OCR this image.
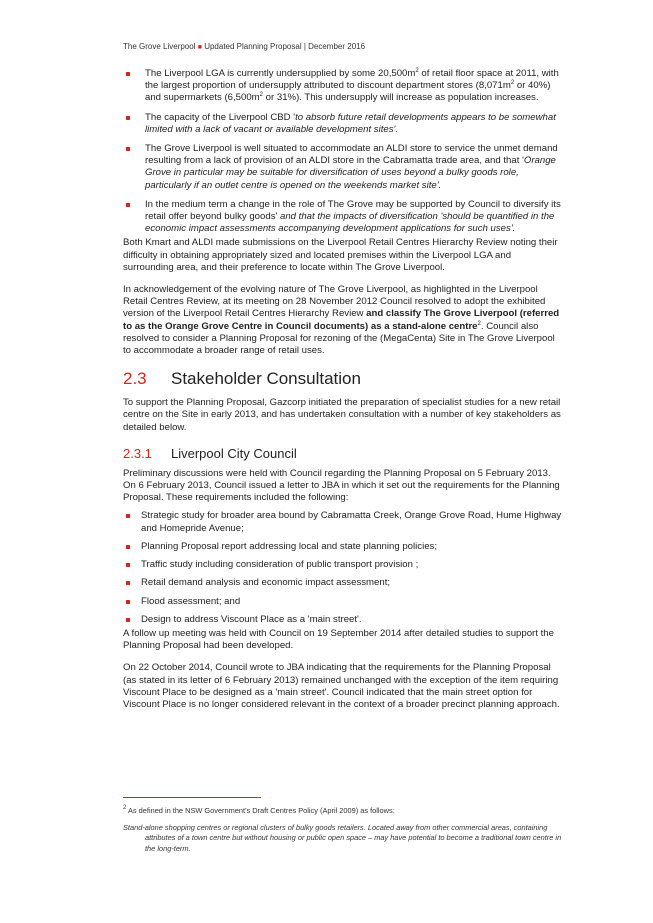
The Grove Liverpool ■ Updated Planning Proposal | December 2016
The Liverpool LGA is currently undersupplied by some $20,500m^2$ of retail floor space at 2011, with the largest proportion of undersupply attributed to discount department stores ($8,071m^2$ or 40%) and supermarkets ($6,500m^2$ or 31%). This undersupply will increase as population increases.
The capacity of the Liverpool CBD 'to absorb future retail developments appears to be somewhat limited with a lack of vacant or available development sites'.
The Grove Liverpool is well situated to accommodate an ALDI store to service the unmet demand resulting from a lack of provision of an ALDI store in the Cabramatta trade area, and that 'Orange Grove in particular may be suitable for diversification of uses beyond a bulky goods role, particularly if an outlet centre is opened on the weekends market site'.
In the medium term a change in the role of The Grove may be supported by Council to diversify its retail offer beyond bulky goods' and that the impacts of diversification 'should be quantified in the economic impact assessments accompanying development applications for such uses'.

Both Kmart and ALDI made submissions on the Liverpool Retail Centres Hierarchy Review noting their difficulty in obtaining appropriately sized and located premises within the Liverpool LGA and surrounding area, and their preference to locate within The Grove Liverpool.

In acknowledgement of the evolving nature of The Grove Liverpool, as highlighted in the Liverpool Retail Centres Review, at its meeting on 28 November 2012 Council resolved to adopt the exhibited version of the Liverpool Retail Centres Hierarchy Review and classify The Grove Liverpool (referred to as the Orange Grove Centre in Council documents) as a stand-alone centre$^2$. Council also resolved to consider a Planning Proposal for rezoning of the (MegaCenta) Site in The Grove Liverpool to accommodate a broader range of retail uses.

2.3 Stakeholder Consultation

To support the Planning Proposal, Gazcorp initiated the preparation of specialist studies for a new retail centre on the Site in early 2013, and has undertaken consultation with a number of key stakeholders as detailed below.

2.3.1 Liverpool City Council

Preliminary discussions were held with Council regarding the Planning Proposal on 5 February 2013. On 6 February 2013, Council issued a letter to JBA in which it set out the requirements for the Planning Proposal. These requirements included the following:

Strategic study for broader area bound by Cabramatta Creek, Orange Grove Road, Hume Highway and Homepride Avenue;
Planning Proposal report addressing local and state planning policies;
Traffic study including consideration of public transport provision ;
Retail demand analysis and economic impact assessment;
Flood assessment; and
Design to address Viscount Place as a 'main street'.

A follow up meeting was held with Council on 19 September 2014 after detailed studies to support the Planning Proposal had been developed.

On 22 October 2014, Council wrote to JBA indicating that the requirements for the Planning Proposal (as stated in its letter of 6 February 2013) remained unchanged with the exception of the item requiring Viscount Place to be designed as a 'main street'. Council indicated that the main street option for Viscount Place is no longer considered relevant in the context of a broader precinct planning approach.

$^2$ As defined in the NSW Government's Draft Centres Policy (April 2009) as follows:
Stand-alone shopping centres or regional clusters of bulky goods retailers. Located away from other commercial areas, containing attributes of a town centre but without housing or public open space – may have potential to become a traditional town centre in the long-term.
